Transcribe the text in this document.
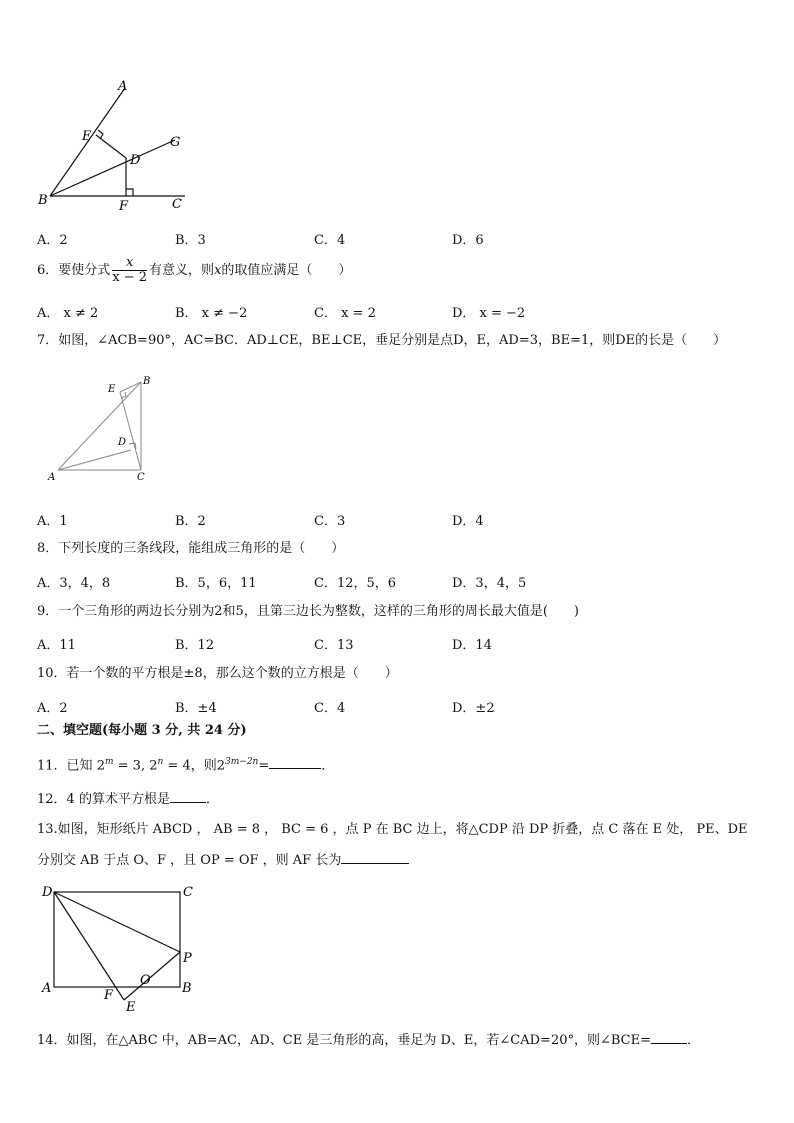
A
E
D
G
B	F	C
A．2	B．3	C．4	D．6
6．要使分式 $\frac{x}{x - 2}$ 有意义，则x的取值应满足（　　）
A． x ≠ 2	B． x ≠ −2	C． x = 2	D． x = −2
7．如图，∠ACB=90°，AC=BC．AD⊥CE，BE⊥CE，垂足分别是点D，E，AD=3，BE=1，则DE的长是（　　）
E
B
D
A	C
A．1	B．2	C．3	D．4
8．下列长度的三条线段，能组成三角形的是（　　）
A．3，4，8	B．5，6，11	C．12，5，6	D．3，4，5
9．一个三角形的两边长分别为2和5，且第三边长为整数，这样的三角形的周长最大值是(　　)
A．11	B．12	C．13	D．14
10．若一个数的平方根是±8，那么这个数的立方根是（　　）
A．2	B．±4	C．4	D．±2
二、填空题(每小题 3 分, 共 24 分)
11．已知 $2^m = 3$, $2^n = 4$，则$2^{3m-2n}=$	．
12．4 的算术平方根是	．
13.如图，矩形纸片 ABCD ， AB = 8 ， BC = 6 ，点 P 在 BC 边上，将△CDP 沿 DP 折叠，点 C 落在 E 处， PE、DE
分别交 AB 于点 O、F ，且 OP = OF ，则 AF 长为
D	C
P
O
A	F
E
B
14．如图，在△ABC 中，AB=AC，AD、CE 是三角形的高，垂足为 D、E，若∠CAD=20°，则∠BCE=	．
